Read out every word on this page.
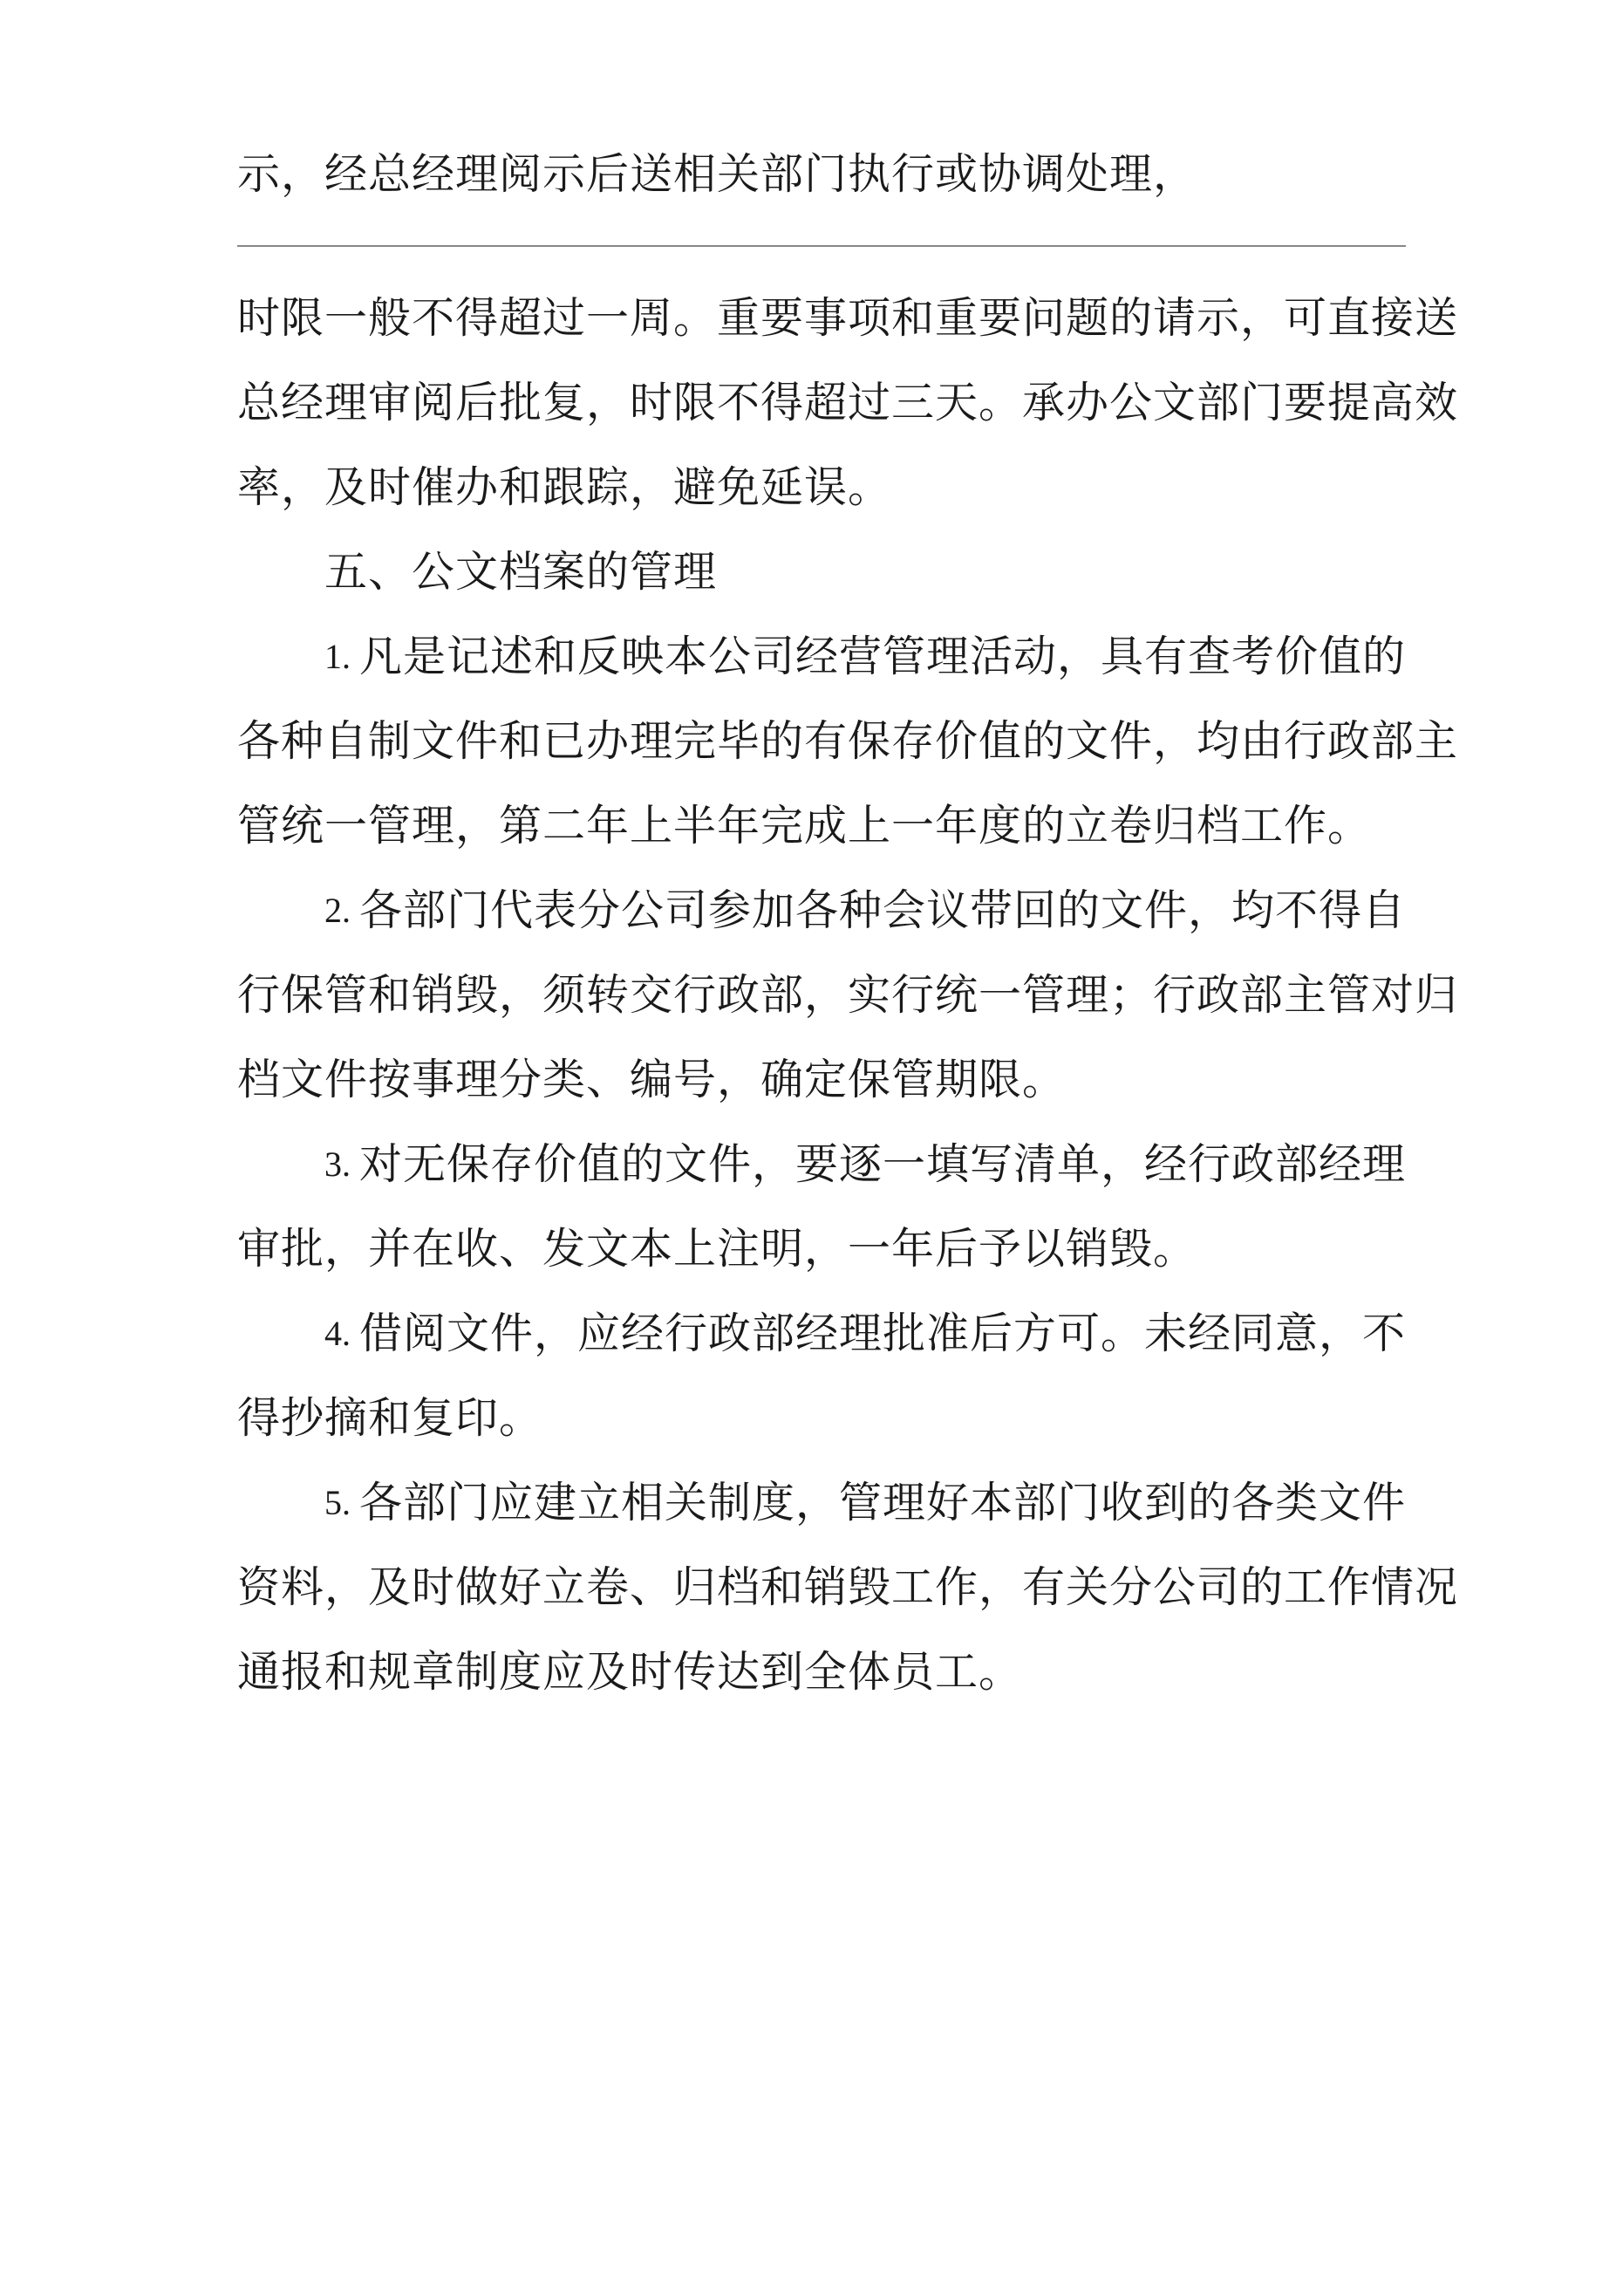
示，经总经理阅示后送相关部门执行或协调处理，
时限一般不得超过一周。重要事项和重要问题的请示，可直接送
总经理审阅后批复，时限不得超过三天。承办公文部门要提高效
率，及时催办和跟踪，避免延误。
五、公文档案的管理
1. 凡是记述和反映本公司经营管理活动，具有查考价值的
各种自制文件和已办理完毕的有保存价值的文件，均由行政部主
管统一管理，第二年上半年完成上一年度的立卷归档工作。
2. 各部门代表分公司参加各种会议带回的文件，均不得自
行保管和销毁，须转交行政部，实行统一管理；行政部主管对归
档文件按事理分类、编号，确定保管期限。
3. 对无保存价值的文件，要逐一填写清单，经行政部经理
审批，并在收、发文本上注明，一年后予以销毁。
4. 借阅文件，应经行政部经理批准后方可。未经同意，不
得抄摘和复印。
5. 各部门应建立相关制度，管理好本部门收到的各类文件
资料，及时做好立卷、归档和销毁工作，有关分公司的工作情况
通报和规章制度应及时传达到全体员工。
